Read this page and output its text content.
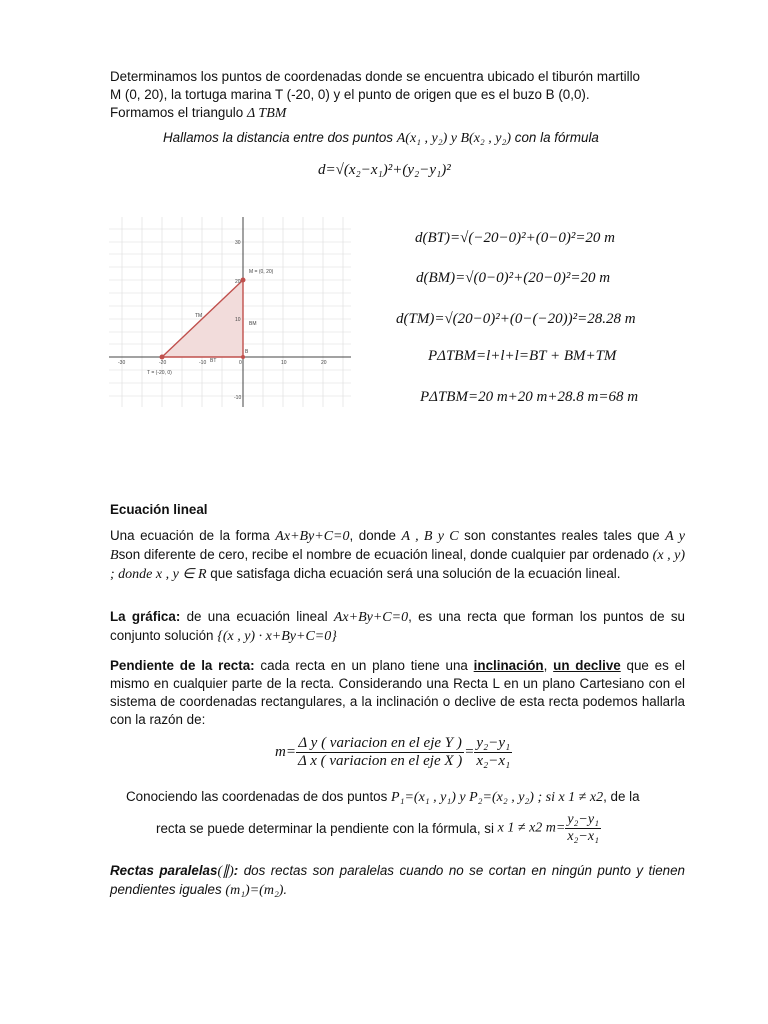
Determinamos los puntos de coordenadas donde se encuentra ubicado el tiburón martillo
M (0, 20), la tortuga marina T (-20, 0) y el punto de origen que es el buzo B (0,0).
Formamos el triangulo Δ TBM
Hallamos la distancia entre dos puntos A(x₁ , y₂) y B(x₂ , y₂) con la fórmula
d=√(x₂−x₁)²+(y₂−y₁)²
M = (0, 20)
T = (-20, 0)
TM
BM
BT
B
-30	-20	-10	0	10	20
30
20
10
-10
d(BT)=√(−20−0)²+(0−0)²=20 m
d(BM)=√(0−0)²+(20−0)²=20 m
d(TM)=√(20−0)²+(0−(−20))²=28.28 m
PΔTBM=l+l+l=BT + BM+TM
PΔTBM=20 m+20 m+28.8 m=68 m
Ecuación lineal
Una ecuación de la forma Ax+By+C=0, donde A , B y C son constantes reales tales que A y Bson diferente de cero, recibe el nombre de ecuación lineal, donde cualquier par ordenado (x , y) ; donde x , y ∈ R que satisfaga dicha ecuación será una solución de la ecuación lineal.
La gráfica: de una ecuación lineal Ax+By+C=0, es una recta que forman los puntos de su conjunto solución {(x , y) ∙ x+By+C=0}
Pendiente de la recta: cada recta en un plano tiene una inclinación, un declive que es el mismo en cualquier parte de la recta. Considerando una Recta L en un plano Cartesiano con el sistema de coordenadas rectangulares, a la inclinación o declive de esta recta podemos hallarla con la razón de:
$m= \frac{\text{Δ y ( variacion en el eje Y )}}{\text{Δ x ( variacion en el eje X )}} = \frac{\text{y₂−y₁}}{\text{x₂−x₁}}$
Conociendo las coordenadas de dos puntos P₁=(x₁ , y₁) y P₂=(x₂ , y₂) ; si x 1 ≠ x2, de la
recta se puede determinar la pendiente con la fórmula, si x 1 ≠ x2 $m= \frac{\text{y₂−y₁}}{\text{x₂−x₁}}$
Rectas paralelas(∥): dos rectas son paralelas cuando no se cortan en ningún punto y tienen pendientes iguales (m₁)=(m₂).
